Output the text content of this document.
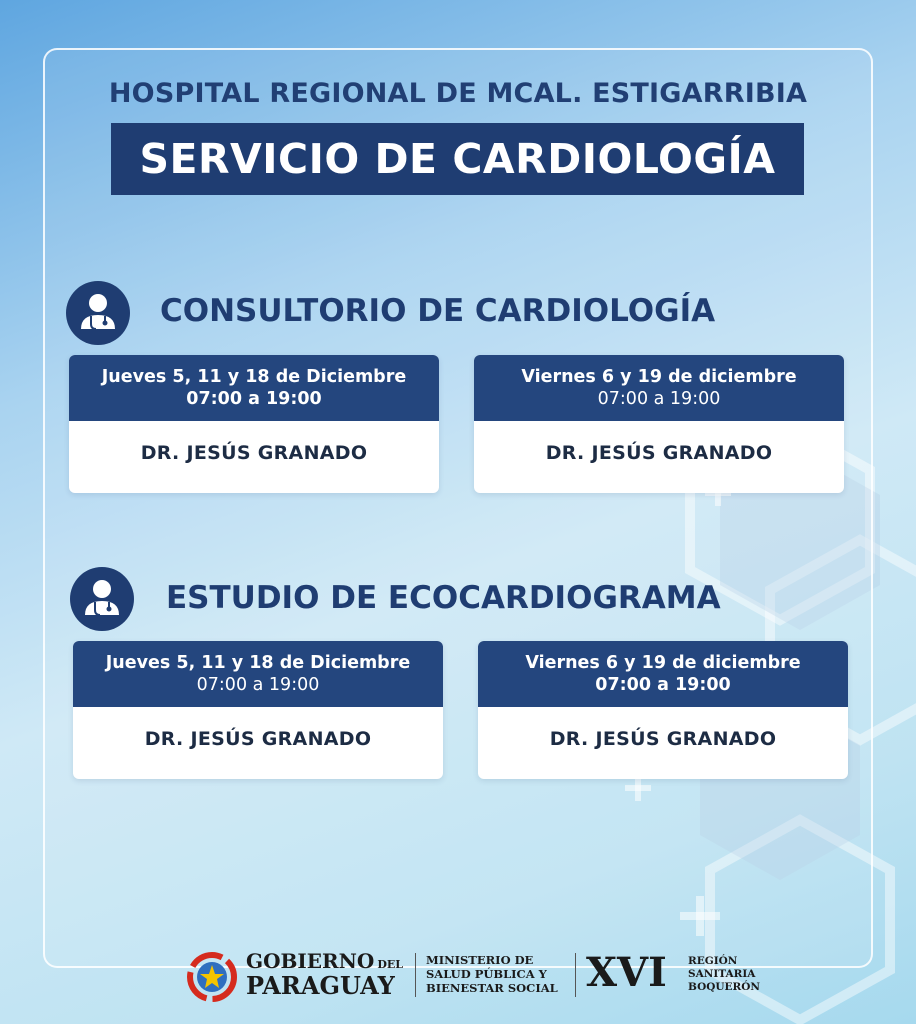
HOSPITAL REGIONAL DE MCAL. ESTIGARRIBIA
SERVICIO DE CARDIOLOGÍA
CONSULTORIO DE CARDIOLOGÍA
Jueves 5, 11 y 18 de Diciembre
07:00 a 19:00
DR. JESÚS GRANADO
Viernes 6 y 19 de diciembre
07:00 a 19:00
DR. JESÚS GRANADO
ESTUDIO DE ECOCARDIOGRAMA
Jueves 5, 11 y 18 de Diciembre
07:00 a 19:00
DR. JESÚS GRANADO
Viernes 6 y 19 de diciembre
07:00 a 19:00
DR. JESÚS GRANADO
GOBIERNO DEL
PARAGUAY
MINISTERIO DE
SALUD PÚBLICA Y
BIENESTAR SOCIAL XVI REGIÓN
SANITARIA
BOQUERÓN
